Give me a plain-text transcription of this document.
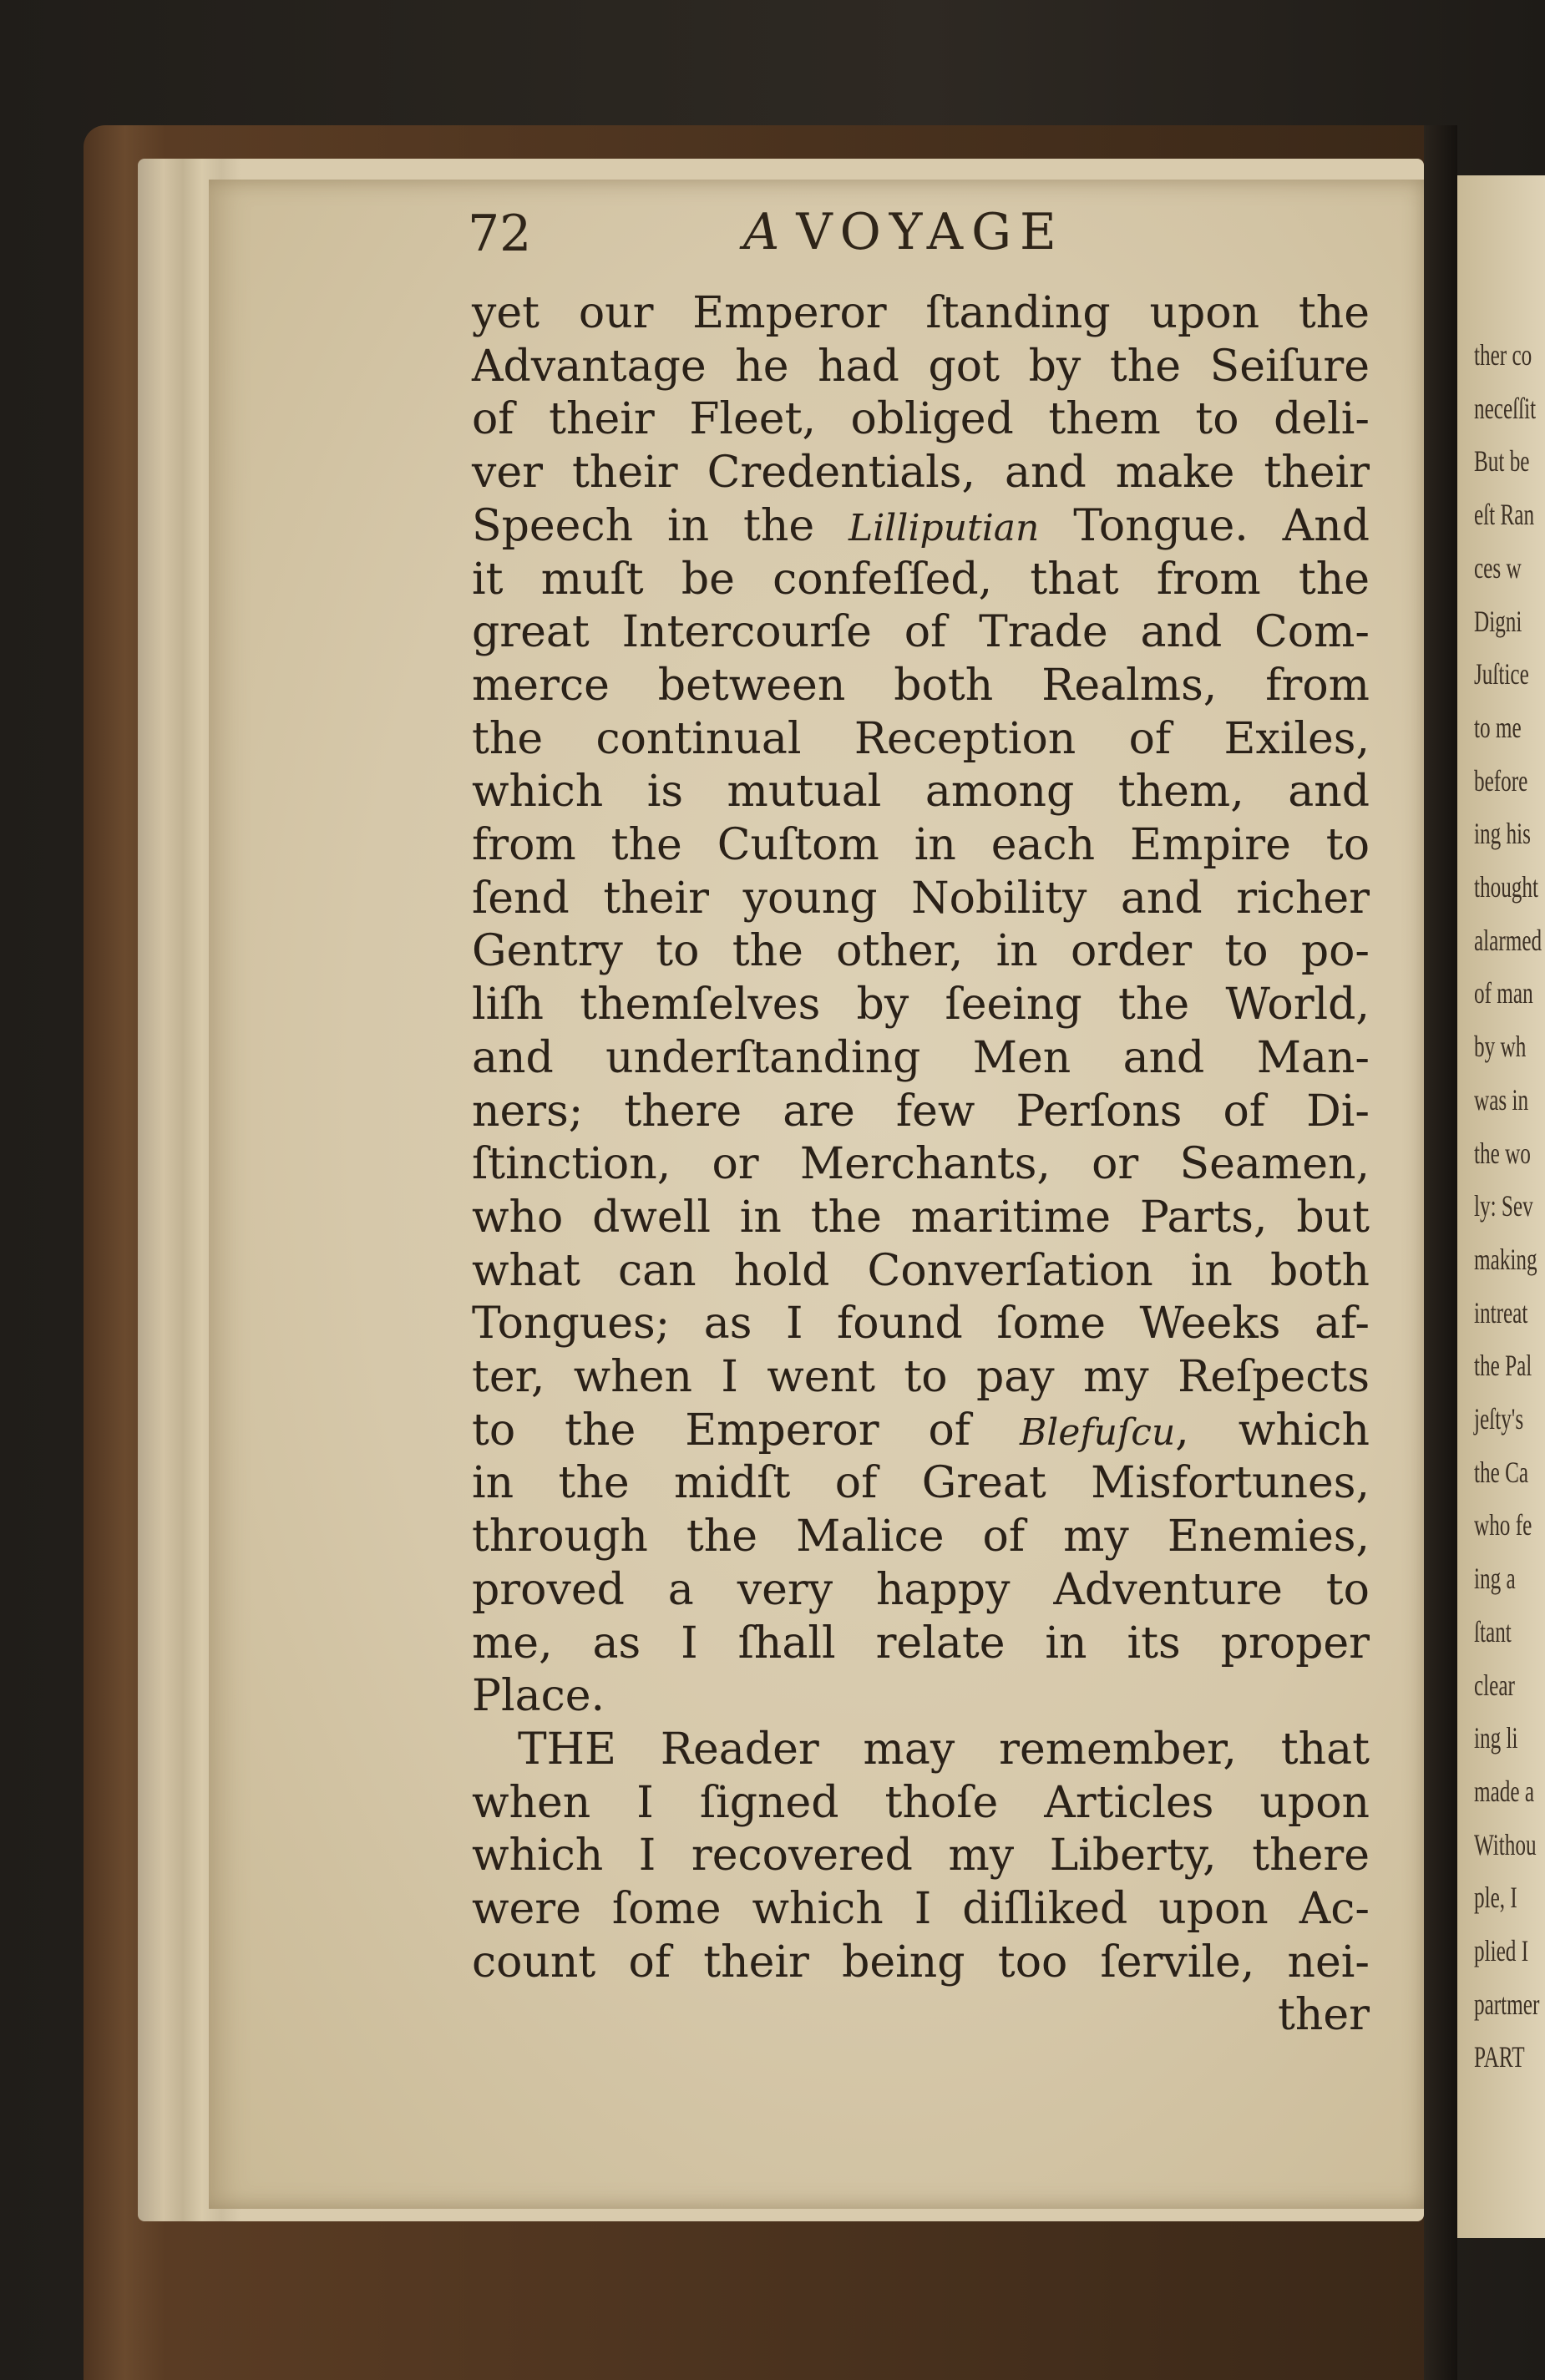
ther co
neceſſit
But be
eſt Ran
ces w
Digni
Juſtice
to me
before
ing his
thought
alarmed
of man
by wh
was in
the wo
ly: Sev
making
intreat
the Pal
jeſty's
the Ca
who fe
ing a
ſtant
clear
ing li
made a
Withou
ple, I
plied I
partmer
PART
72	A VOYAGE
yet our Emperor ſtanding upon the
Advantage he had got by the Seiſure
of their Fleet, obliged them to deli-
ver their Credentials, and make their
Speech in the Lilliputian Tongue. And
it muſt be confeſſed, that from the
great Intercourſe of Trade and Com-
merce between both Realms, from
the continual Reception of Exiles,
which is mutual among them, and
from the Cuſtom in each Empire to
ſend their young Nobility and richer
Gentry to the other, in order to po-
liſh themſelves by ſeeing the World,
and underſtanding Men and Man-
ners; there are few Perſons of Di-
ſtinction, or Merchants, or Seamen,
who dwell in the maritime Parts, but
what can hold Converſation in both
Tongues; as I found ſome Weeks af-
ter, when I went to pay my Reſpects
to the Emperor of Blefuſcu, which
in the midſt of Great Misfortunes,
through the Malice of my Enemies,
proved a very happy Adventure to
me, as I ſhall relate in its proper
Place.
THE Reader may remember, that
when I ſigned thoſe Articles upon
which I recovered my Liberty, there
were ſome which I diſliked upon Ac-
count of their being too ſervile, nei-
ther
